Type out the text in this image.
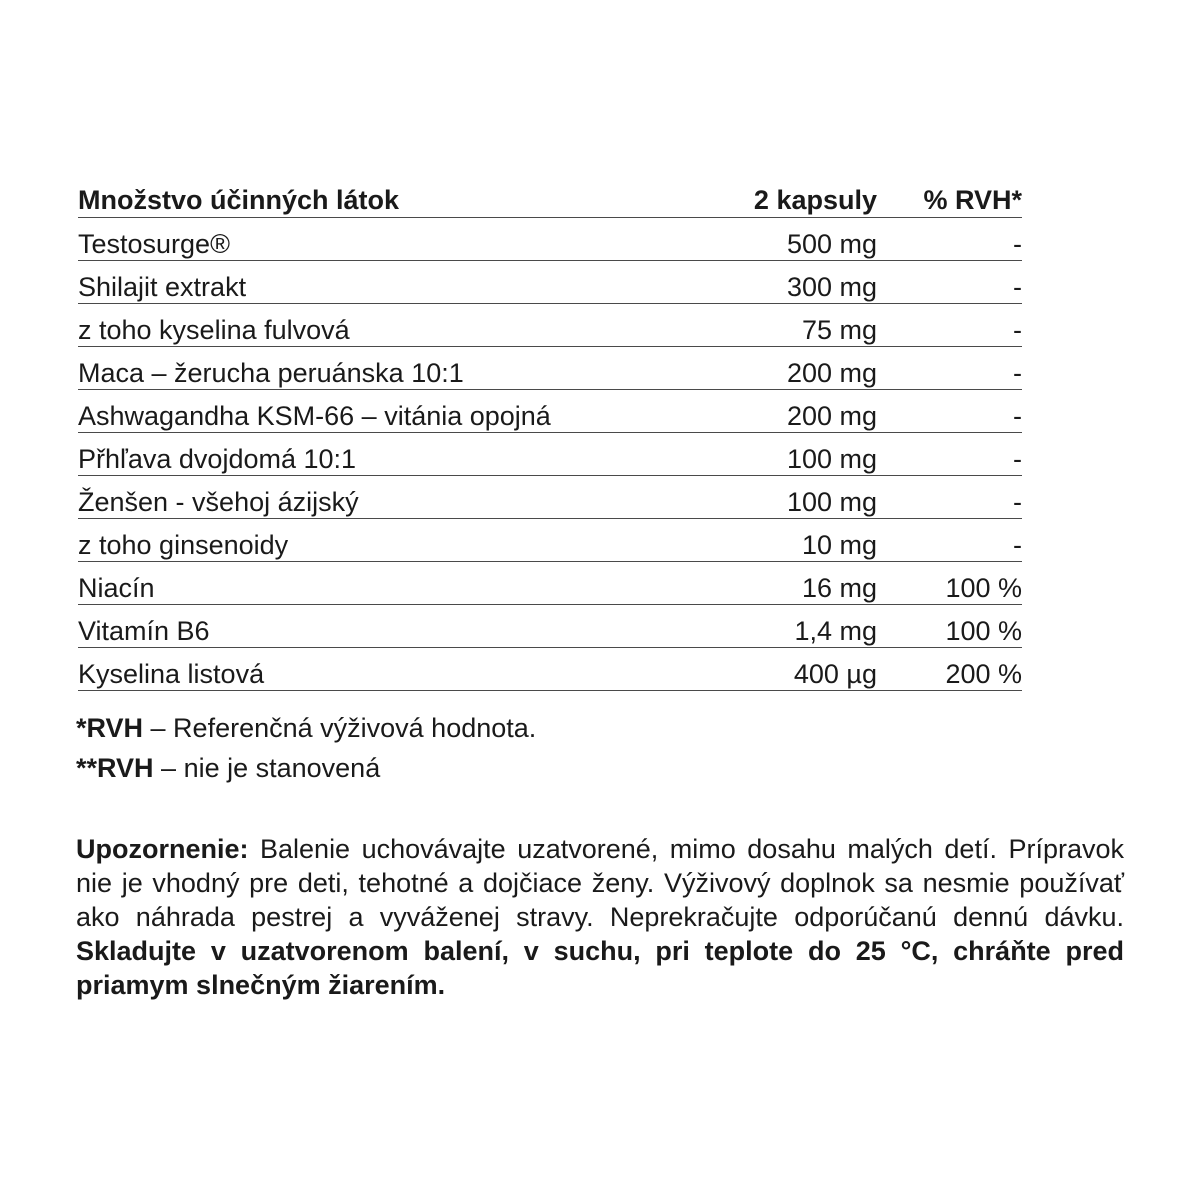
Množstvo účinných látok	2 kapsuly	% RVH*
Testosurge®	500 mg	-
Shilajit extrakt	300 mg	-
z toho kyselina fulvová	75 mg	-
Maca – žerucha peruánska 10:1	200 mg	-
Ashwagandha KSM-66 – vitánia opojná	200 mg	-
Přhľava dvojdomá 10:1	100 mg	-
Ženšen - všehoj ázijský	100 mg	-
z toho ginsenoidy	10 mg	-
Niacín	16 mg	100 %
Vitamín B6	1,4 mg	100 %
Kyselina listová	400 µg	200 %
*RVH – Referenčná výživová hodnota.
**RVH – nie je stanovená
Upozornenie: Balenie uchovávajte uzatvorené, mimo dosahu malých detí. Prípravok nie je vhodný pre deti, tehotné a dojčiace ženy. Výživový doplnok sa nesmie používať ako náhrada pestrej a vyváženej stravy. Neprekračujte odporúčanú dennú dávku. Skladujte v uzatvorenom balení, v suchu, pri teplote do 25 °C, chráňte pred priamym slnečným žiarením.
